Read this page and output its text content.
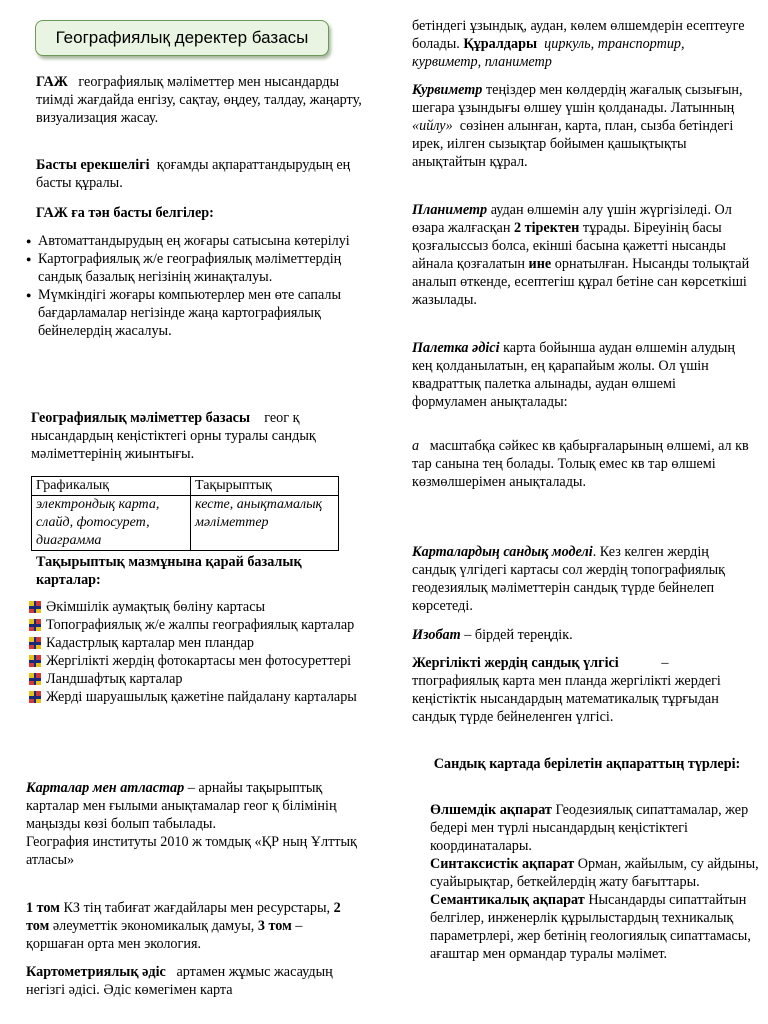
Географиялық деректер базасы

ГАЖ географиялық мәліметтер мен нысандарды тиімді жағдайда енгізу, сақтау, өңдеу, талдау, жаңарту, визуализация жасау.

Басты ерекшелігі қоғамды ақпараттандырудың ең басты құралы.

ГАЖ ға тән басты белгілер:
● Автоматтандырудың ең жоғары сатысына көтерілуі
● Картографиялық ж/е географиялық мәліметтердің сандық базалық негізінің жинақталуы.
● Мүмкіндігі жоғары компьютерлер мен өте сапалы бағдарламалар негізінде жаңа картографиялық бейнелердің жасалуы.

Географиялық мәліметтер базасы геог қ нысандардың кеңістіктегі орны туралы сандық мәліметтерінің жиынтығы.

Графикалық	Тақырыптық
электрондық карта, слайд, фотосурет, диаграмма	кесте, анықтамалық мәліметтер
Тақырыптық мазмұнына қарай базалық карталар:
Әкімшілік аумақтық бөліну картасы
Топографиялық ж/е жалпы географиялық карталар
Кадастрлық карталар мен пландар
Жергілікті жердің фотокартасы мен фотосуреттері
Ландшафтық карталар
Жерді шаруашылық қажетіне пайдалану карталары

Карталар мен атластар – арнайы тақырыптық карталар мен ғылыми анықтамалар геог қ білімінің маңызды көзі болып табылады.

География институты 2010 ж томдық «ҚР ның Ұлттық атласы»

1 том КЗ тің табиғат жағдайлары мен ресурстары, 2 том әлеуметтік экономикалық дамуы, 3 том – қоршаған орта мен экология.

Картометриялық әдіс артамен жұмыс жасаудың негізгі әдісі. Әдіс көмегімен карта

бетіндегі ұзындық, аудан, көлем өлшемдерін есептеуге болады. Құралдары циркуль, транспортир, курвиметр, планиметр

Курвиметр теңіздер мен көлдердің жағалық сызығын, шегара ұзындығы өлшеу үшін қолданады. Латынның «ийлу» сөзінен алынған, карта, план, сызба бетіндегі ирек, иілген сызықтар бойымен қашықтықты анықтайтын құрал.

Планиметр аудан өлшемін алу үшін жүргізіледі. Ол өзара жалғасқан 2 тіректен тұрады. Біреуінің басы қозғалыссыз болса, екінші басына қажетті нысанды айнала қозғалатын ине орнатылған. Нысанды толықтай аналып өткенде, есептегіш құрал бетіне сан көрсеткіші жазылады.

Палетка әдісі карта бойынша аудан өлшемін алудың кең қолданылатын, ең қарапайым жолы. Ол үшін квадраттық палетка алынады, аудан өлшемі формуламен анықталады:

а масштабқа сәйкес кв қабырғаларының өлшемі, ал кв тар санына тең болады. Толық емес кв тар өлшемі көзмөлшерімен анықталады.

Карталардың сандық моделі. Кез келген жердің сандық үлгідегі картасы сол жердің топографиялық геодезиялық мәліметтерін сандық түрде бейнелеп көрсетеді.

Изобат – бірдей тереңдік.

Жергілікті жердің сандық үлгісі	– тпографиялық карта мен планда жергілікті жердегі кеңістіктік нысандардың математикалық тұрғыдан сандық түрде бейнеленген үлгісі.

Сандық картада берілетін ақпараттың түрлері:

Өлшемдік ақпарат Геодезиялық сипаттамалар, жер бедері мен түрлі нысандардың кеңістіктегі координаталары.

Синтаксистік ақпарат Орман, жайылым, су айдыны, суайырықтар, беткейлердің жату бағыттары.

Семантикалық ақпарат Нысандарды сипаттайтын белгілер, инженерлік құрылыстардың техникалық параметрлері, жер бетінің геологиялық сипаттамасы, ағаштар мен ормандар туралы мәлімет.
